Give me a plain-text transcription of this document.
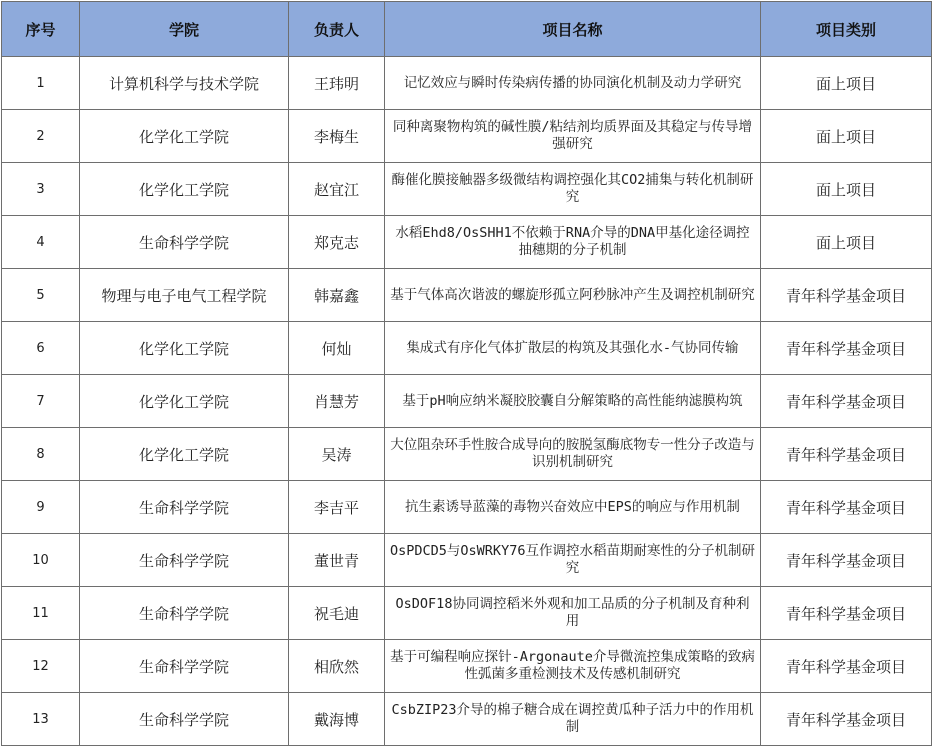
序号	学院	负责人	项目名称	项目类别
1	计算机科学与技术学院	王玮明	记忆效应与瞬时传染病传播的协同演化机制及动力学研究	面上项目
2	化学化工学院	李梅生	同种离聚物构筑的碱性膜/粘结剂均质界面及其稳定与传导增强研究	面上项目
3	化学化工学院	赵宜江	酶催化膜接触器多级微结构调控强化其CO2捕集与转化机制研究	面上项目
4	生命科学学院	郑克志	水稻Ehd8/OsSHH1不依赖于RNA介导的DNA甲基化途径调控抽穗期的分子机制	面上项目
5	物理与电子电气工程学院	韩嘉鑫	基于气体高次谐波的螺旋形孤立阿秒脉冲产生及调控机制研究	青年科学基金项目
6	化学化工学院	何灿	集成式有序化气体扩散层的构筑及其强化水-气协同传输	青年科学基金项目
7	化学化工学院	肖慧芳	基于pH响应纳米凝胶胶囊自分解策略的高性能纳滤膜构筑	青年科学基金项目
8	化学化工学院	吴涛	大位阻杂环手性胺合成导向的胺脱氢酶底物专一性分子改造与识别机制研究	青年科学基金项目
9	生命科学学院	李吉平	抗生素诱导蓝藻的毒物兴奋效应中EPS的响应与作用机制	青年科学基金项目
10	生命科学学院	董世青	OsPDCD5与OsWRKY76互作调控水稻苗期耐寒性的分子机制研究	青年科学基金项目
11	生命科学学院	祝毛迪	OsDOF18协同调控稻米外观和加工品质的分子机制及育种利用	青年科学基金项目
12	生命科学学院	相欣然	基于可编程响应探针-Argonaute介导微流控集成策略的致病性弧菌多重检测技术及传感机制研究	青年科学基金项目
13	生命科学学院	戴海博	CsbZIP23介导的棉子糖合成在调控黄瓜种子活力中的作用机制	青年科学基金项目
